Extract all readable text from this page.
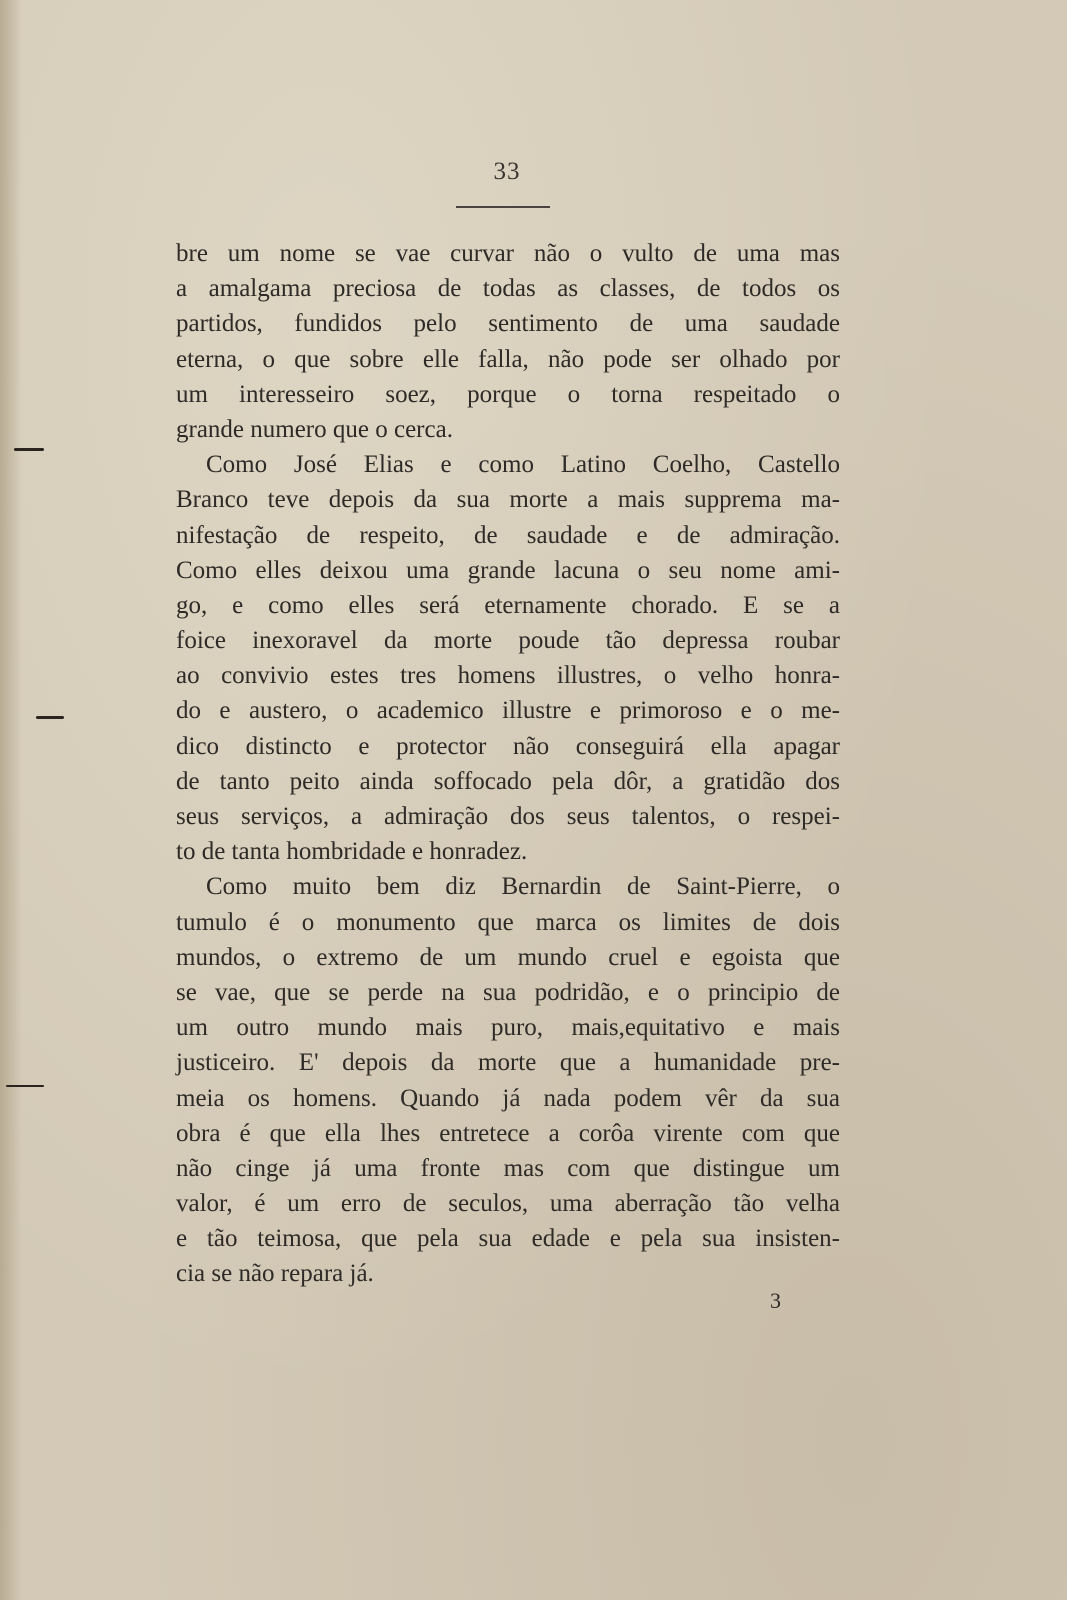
33
bre um nome se vae curvar não o vulto de uma mas
a amalgama preciosa de todas as classes, de todos os
partidos, fundidos pelo sentimento de uma saudade
eterna, o que sobre elle falla, não pode ser olhado por
um interesseiro soez, porque o torna respeitado o
grande numero que o cerca.
Como José Elias e como Latino Coelho, Castello
Branco teve depois da sua morte a mais supprema ma-
nifestação de respeito, de saudade e de admiração.
Como elles deixou uma grande lacuna o seu nome ami-
go, e como elles será eternamente chorado. E se a
foice inexoravel da morte poude tão depressa roubar
ao convivio estes tres homens illustres, o velho honra-
do e austero, o academico illustre e primoroso e o me-
dico distincto e protector não conseguirá ella apagar
de tanto peito ainda soffocado pela dôr, a gratidão dos
seus serviços, a admiração dos seus talentos, o respei-
to de tanta hombridade e honradez.
Como muito bem diz Bernardin de Saint-Pierre, o
tumulo é o monumento que marca os limites de dois
mundos, o extremo de um mundo cruel e egoista que
se vae, que se perde na sua podridão, e o principio de
um outro mundo mais puro, mais,equitativo e mais
justiceiro. E' depois da morte que a humanidade pre-
meia os homens. Quando já nada podem vêr da sua
obra é que ella lhes entretece a corôa virente com que
não cinge já uma fronte mas com que distingue um
valor, é um erro de seculos, uma aberração tão velha
e tão teimosa, que pela sua edade e pela sua insisten-
cia se não repara já.
3
